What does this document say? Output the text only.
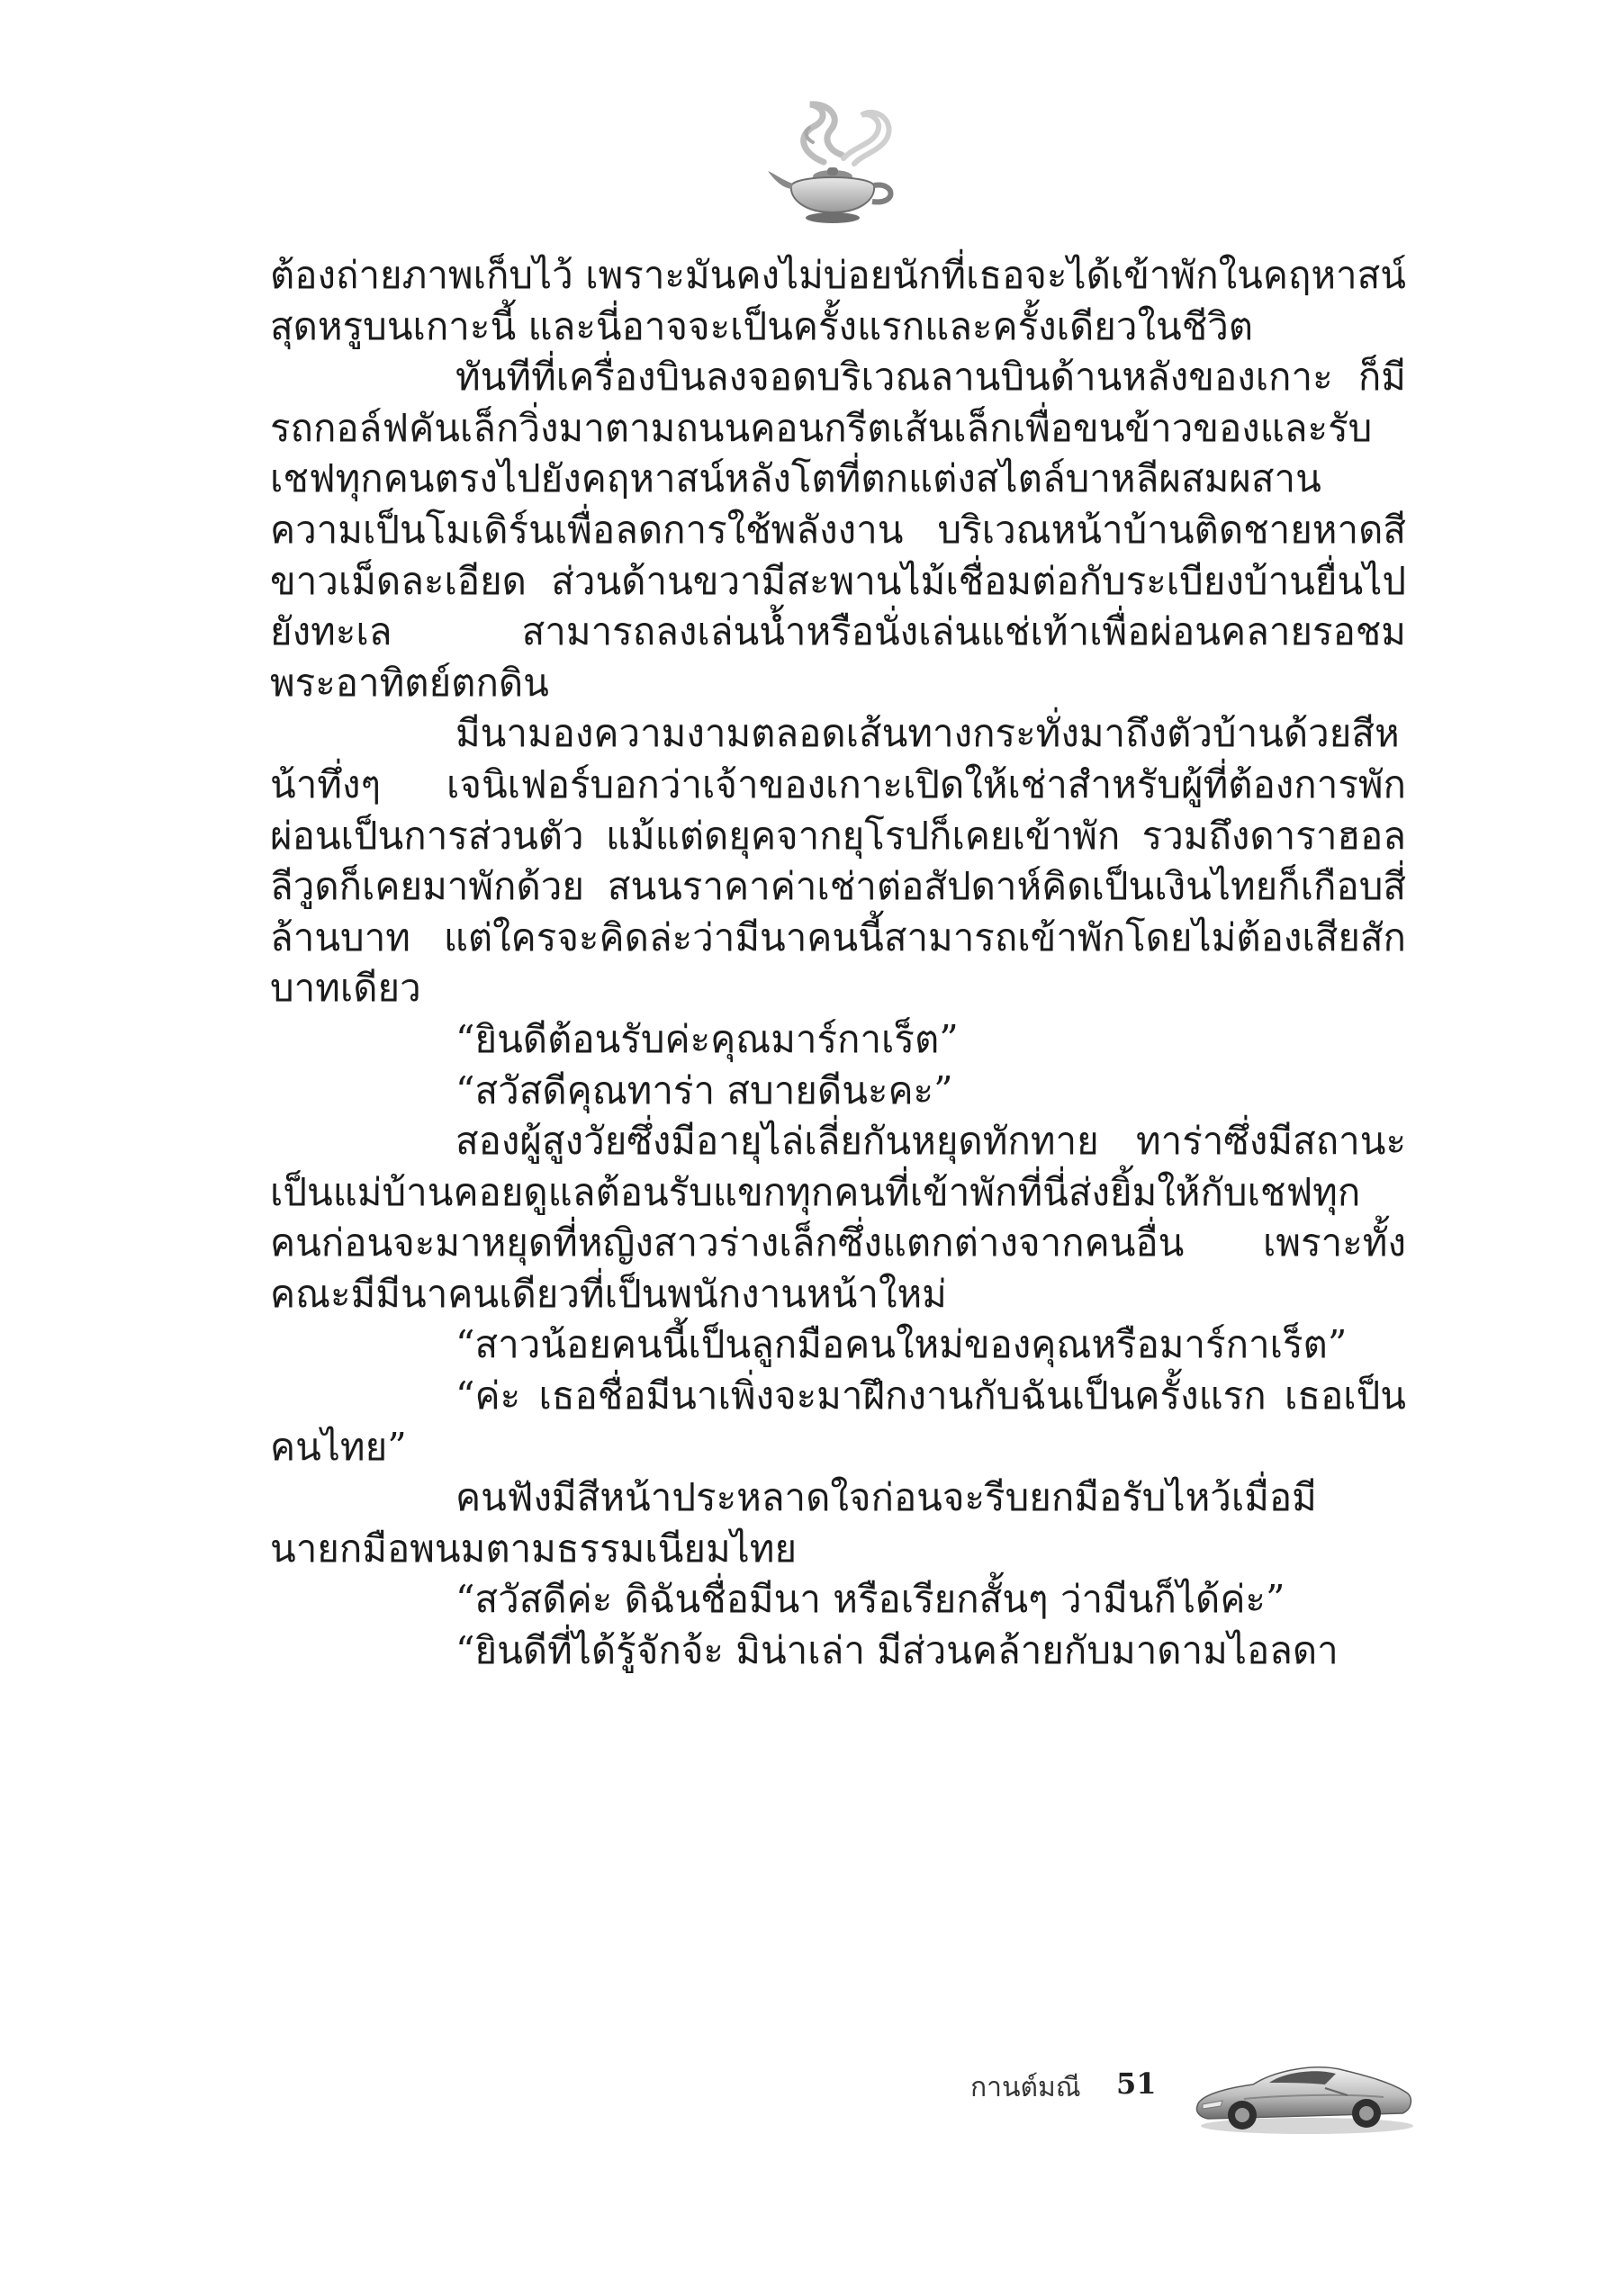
ต้องถ่ายภาพเก็บไว้ เพราะมันคงไม่บ่อยนักที่เธอจะได้เข้าพักในคฤหาสน์ สุดหรูบนเกาะนี้ และนี่อาจจะเป็นครั้งแรกและครั้งเดียวในชีวิต

ทันทีที่เครื่องบินลงจอดบริเวณลานบินด้านหลังของเกาะ ก็มีรถกอล์ฟคันเล็กวิ่งมาตามถนนคอนกรีตเส้นเล็กเพื่อขนข้าวของและรับเชฟทุกคนตรงไปยังคฤหาสน์หลังโตที่ตกแต่งสไตล์บาหลีผสมผสานความเป็นโมเดิร์นเพื่อลดการใช้พลังงาน บริเวณหน้าบ้านติดชายหาดสีขาวเม็ดละเอียด ส่วนด้านขวามีสะพานไม้เชื่อมต่อกับระเบียงบ้านยื่นไปยังทะเล สามารถลงเล่นน้ำหรือนั่งเล่นแช่เท้าเพื่อผ่อนคลายรอชมพระอาทิตย์ตกดิน

มีนามองความงามตลอดเส้นทางกระทั่งมาถึงตัวบ้านด้วยสีหน้าทึ่งๆ เจนิเฟอร์บอกว่าเจ้าของเกาะเปิดให้เช่าสำหรับผู้ที่ต้องการพักผ่อนเป็นการส่วนตัว แม้แต่ดยุคจากยุโรปก็เคยเข้าพัก รวมถึงดาราฮอลลีวูดก็เคยมาพักด้วย สนนราคาค่าเช่าต่อสัปดาห์คิดเป็นเงินไทยก็เกือบสี่ล้านบาท แต่ใครจะคิดล่ะว่ามีนาคนนี้สามารถเข้าพักโดยไม่ต้องเสียสักบาทเดียว

“ยินดีต้อนรับค่ะคุณมาร์กาเร็ต”

“สวัสดีคุณทาร่า สบายดีนะคะ”

สองผู้สูงวัยซึ่งมีอายุไล่เลี่ยกันหยุดทักทาย ทาร่าซึ่งมีสถานะเป็นแม่บ้านคอยดูแลต้อนรับแขกทุกคนที่เข้าพักที่นี่ส่งยิ้มให้กับเชฟทุกคนก่อนจะมาหยุดที่หญิงสาวร่างเล็กซึ่งแตกต่างจากคนอื่น เพราะทั้งคณะมีมีนาคนเดียวที่เป็นพนักงานหน้าใหม่

“สาวน้อยคนนี้เป็นลูกมือคนใหม่ของคุณหรือมาร์กาเร็ต”

“ค่ะ เธอชื่อมีนาเพิ่งจะมาฝึกงานกับฉันเป็นครั้งแรก เธอเป็นคนไทย”

คนฟังมีสีหน้าประหลาดใจก่อนจะรีบยกมือรับไหว้เมื่อมีนายกมือพนมตามธรรมเนียมไทย

“สวัสดีค่ะ ดิฉันชื่อมีนา หรือเรียกสั้นๆ ว่ามีนก็ได้ค่ะ”

“ยินดีที่ได้รู้จักจ้ะ มิน่าเล่า มีส่วนคล้ายกับมาดามไอลดา

กานต์มณี 51
